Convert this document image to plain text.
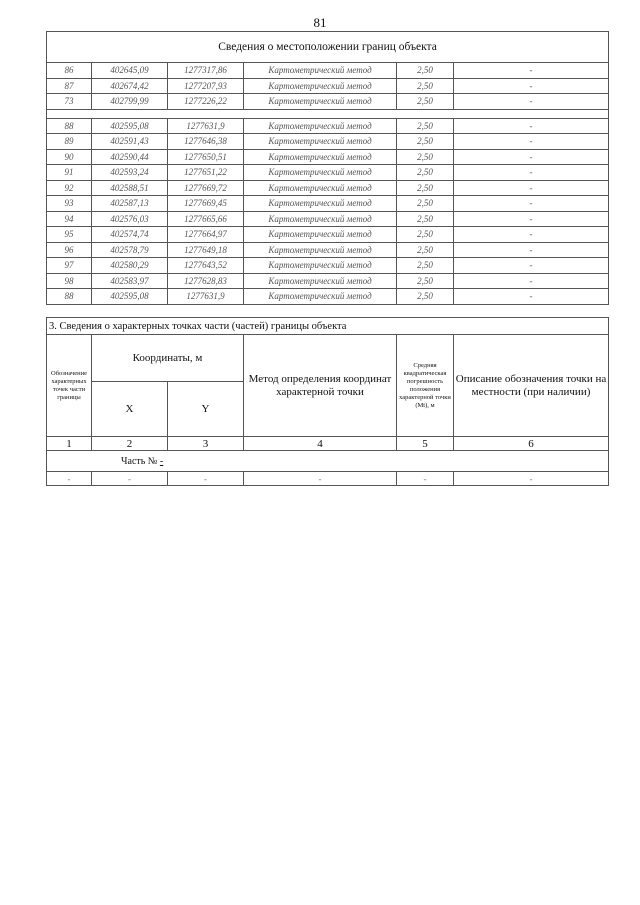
81
Сведения о местоположении границ объекта					
86	402645,09	1277317,86	Картометрический метод	2,50	-
87	402674,42	1277207,93	Картометрический метод	2,50	-
73	402799,99	1277226,22	Картометрический метод	2,50	-

88	402595,08	1277631,9	Картометрический метод	2,50	-
89	402591,43	1277646,38	Картометрический метод	2,50	-
90	402590,44	1277650,51	Картометрический метод	2,50	-
91	402593,24	1277651,22	Картометрический метод	2,50	-
92	402588,51	1277669,72	Картометрический метод	2,50	-
93	402587,13	1277669,45	Картометрический метод	2,50	-
94	402576,03	1277665,66	Картометрический метод	2,50	-
95	402574,74	1277664,97	Картометрический метод	2,50	-
96	402578,79	1277649,18	Картометрический метод	2,50	-
97	402580,29	1277643,52	Картометрический метод	2,50	-
98	402583,97	1277628,83	Картометрический метод	2,50	-
88	402595,08	1277631,9	Картометрический метод	2,50	-
3. Сведения о характерных точках части (частей) границы объекта					
Обозначение характерных точек части границы	Координаты, м		Метод определения координат характерной точки	Средняя квадратическая погрешность положения характерной точки (Мt), м	Описание обозначения точки на местности (при наличии)
	X	Y			
1	2	3	4	5	6
Часть № -					
-	-	-	-	-	-
